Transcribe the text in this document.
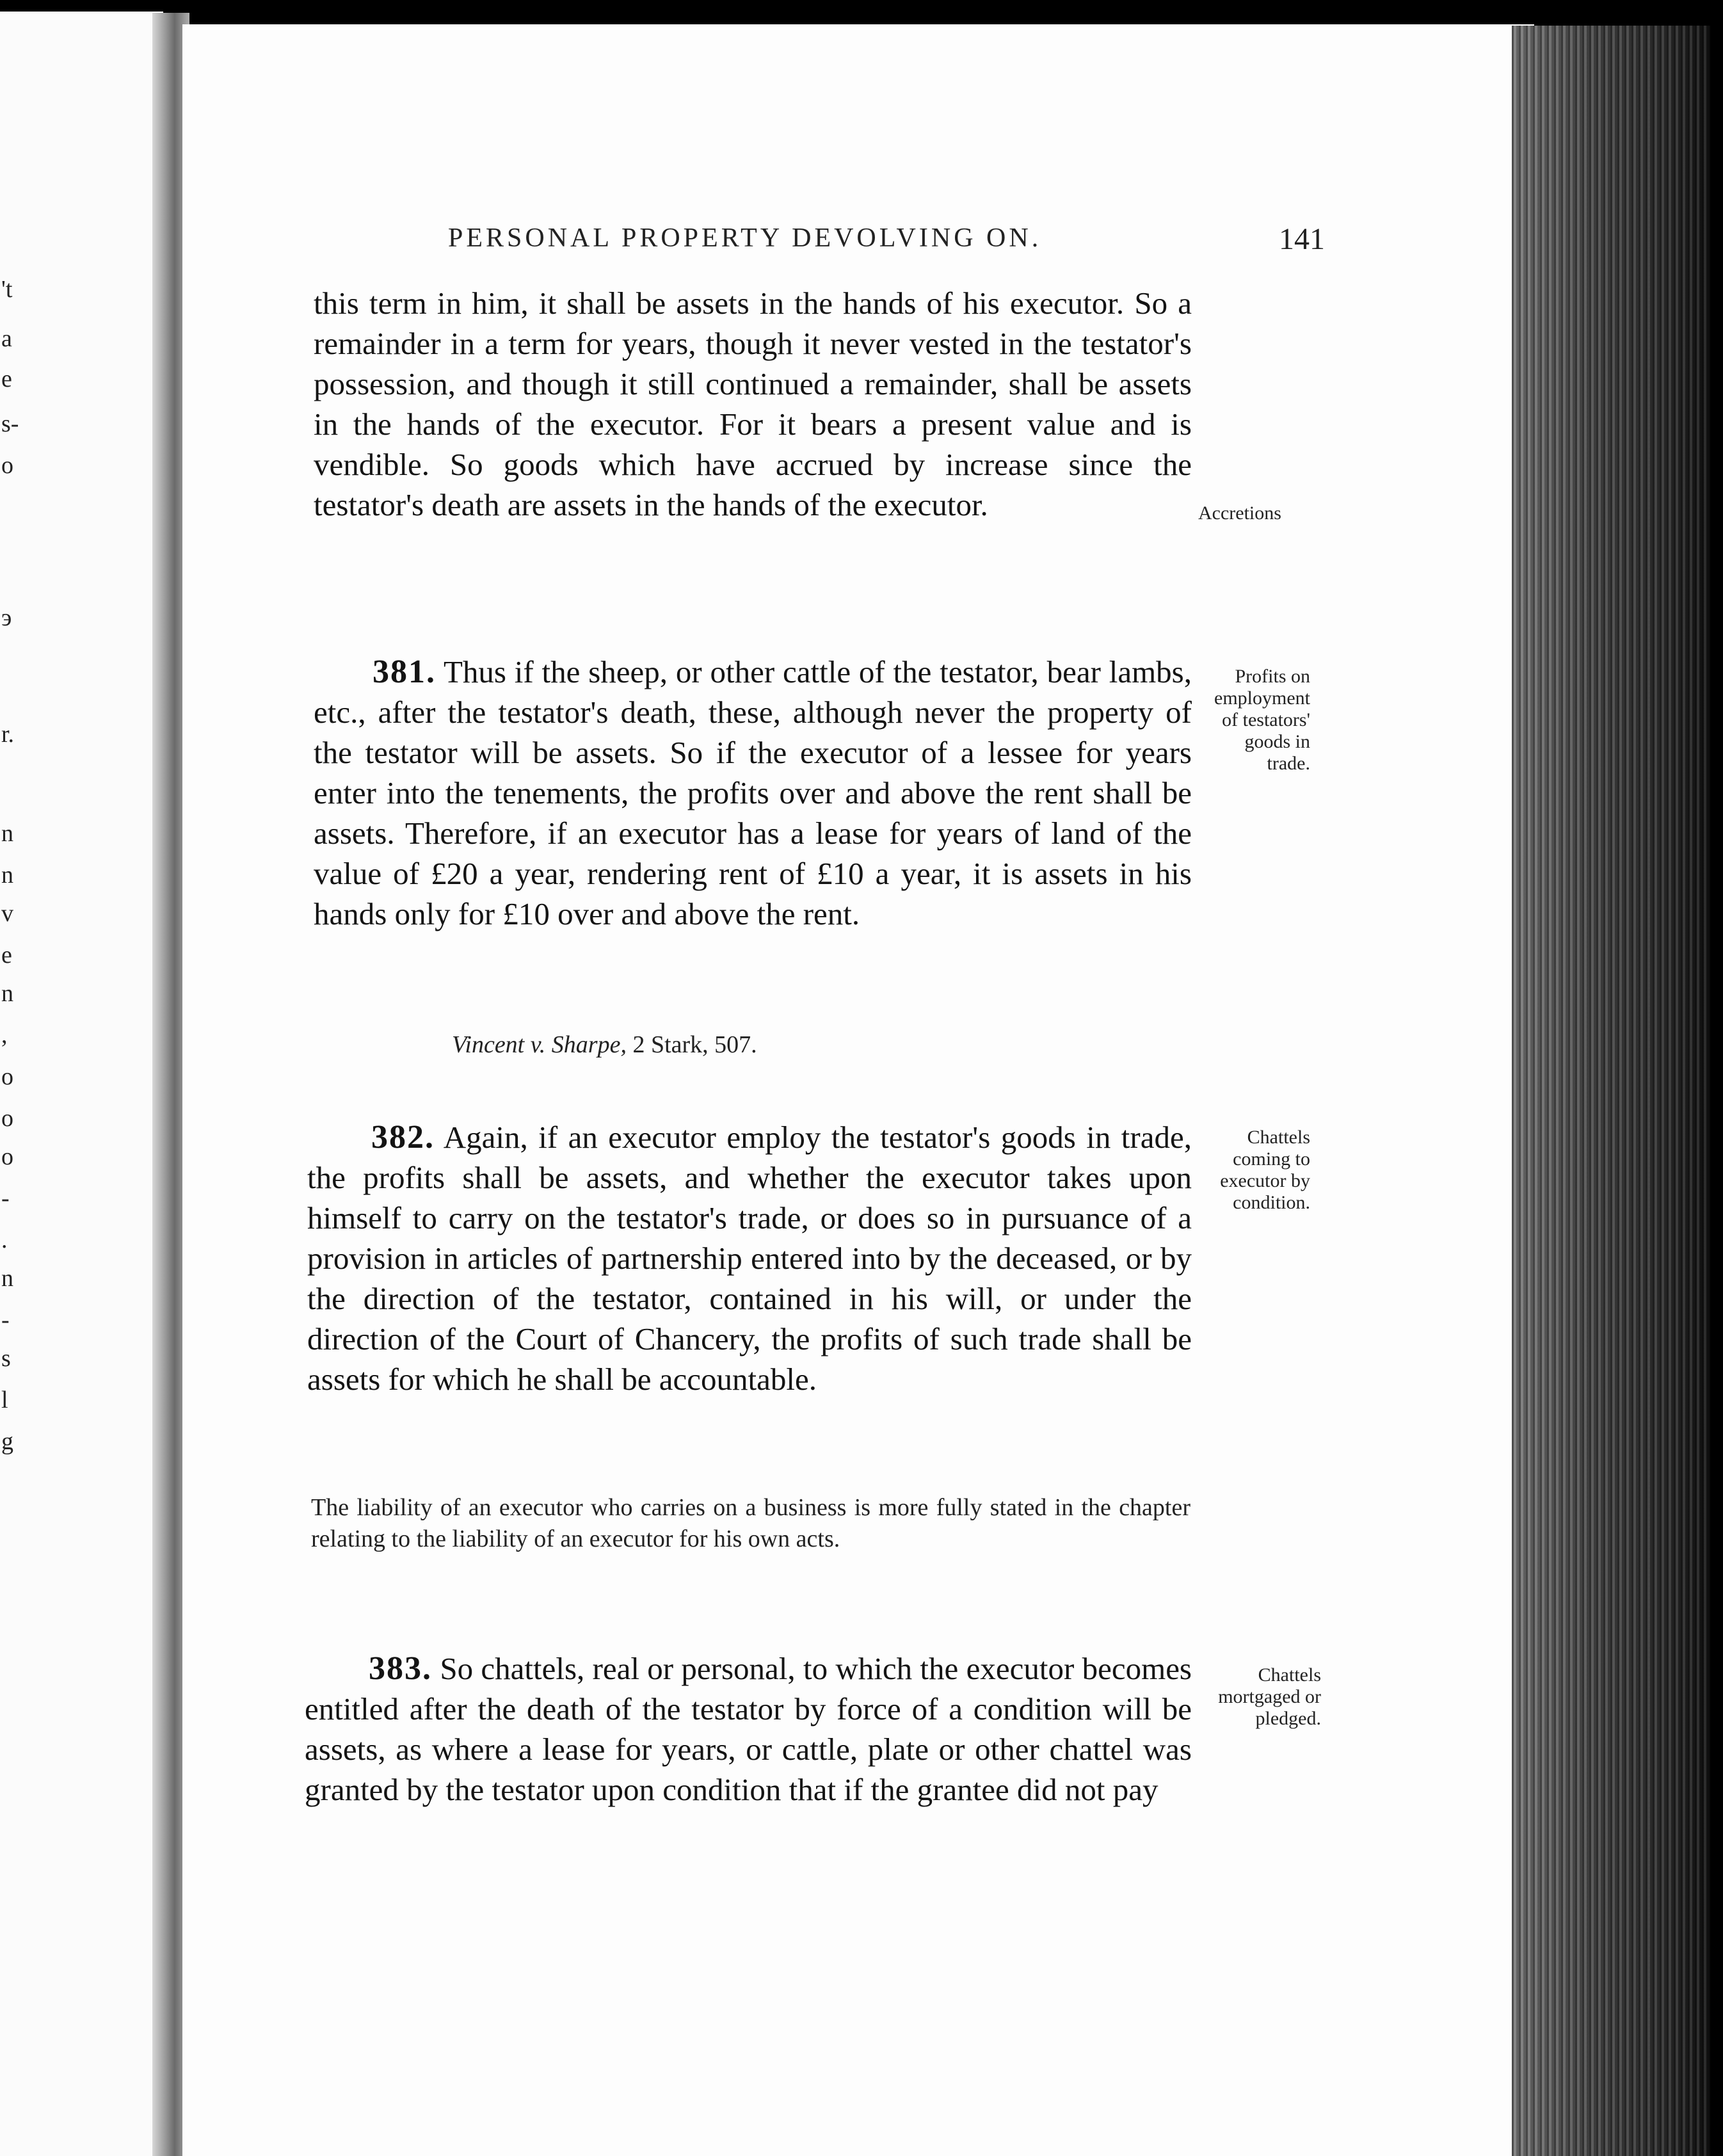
't
a
e
s-
o
э
r.
n
n
v
e
n
,
o
o
o
-
.
n
-
s
l
g
PERSONAL PROPERTY DEVOLVING ON.	141

this term in him, it shall be assets in the hands of his executor. So a remainder in a term for years, though it never vested in the testator's possession, and though it still continued a remainder, shall be assets in the hands of the executor. For it bears a present value and is vendible. So goods which have accrued by increase since the testator's death are assets in the hands of the executor.

381. Thus if the sheep, or other cattle of the testator, bear lambs, etc., after the testator's death, these, although never the property of the testator will be assets. So if the executor of a lessee for years enter into the tenements, the profits over and above the rent shall be assets. Therefore, if an executor has a lease for years of land of the value of £20 a year, rendering rent of £10 a year, it is assets in his hands only for £10 over and above the rent.

Vincent v. Sharpe, 2 Stark, 507.

382. Again, if an executor employ the testator's goods in trade, the profits shall be assets, and whether the executor takes upon himself to carry on the testator's trade, or does so in pursuance of a provision in articles of partnership entered into by the deceased, or by the direction of the testator, contained in his will, or under the direction of the Court of Chancery, the profits of such trade shall be assets for which he shall be accountable.

The liability of an executor who carries on a business is more fully stated in the chapter relating to the liability of an executor for his own acts.

383. So chattels, real or personal, to which the executor becomes entitled after the death of the testator by force of a condition will be assets, as where a lease for years, or cattle, plate or other chattel was granted by the testator upon condition that if the grantee did not pay

Accretions
Profits on employment of testators' goods in trade.
Chattels coming to executor by condition.
Chattels mortgaged or pledged.
